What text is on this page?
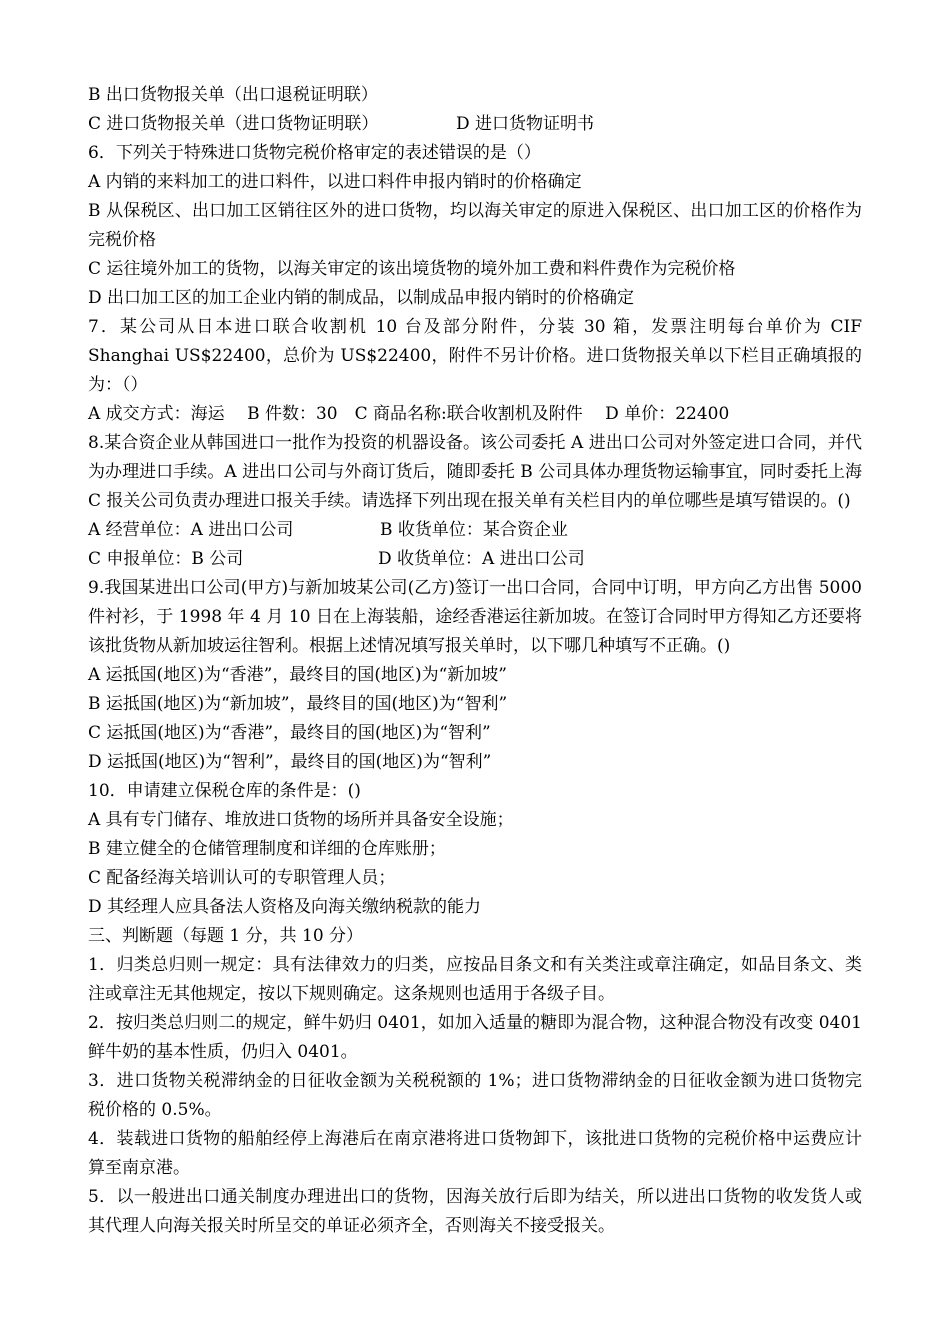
B 出口货物报关单（出口退税证明联）
C 进口货物报关单（进口货物证明联）	D 进口货物证明书
6．下列关于特殊进口货物完税价格审定的表述错误的是（）
A 内销的来料加工的进口料件，以进口料件申报内销时的价格确定
B 从保税区、出口加工区销往区外的进口货物，均以海关审定的原进入保税区、出口加工区的价格作为完税价格
C 运往境外加工的货物，以海关审定的该出境货物的境外加工费和料件费作为完税价格
D 出口加工区的加工企业内销的制成品，以制成品申报内销时的价格确定
7．某公司从日本进口联合收割机 10 台及部分附件，分装 30 箱，发票注明每台单价为 CIF Shanghai US$22400，总价为 US$22400，附件不另计价格。进口货物报关单以下栏目正确填报的为：（）
A 成交方式：海运　 B 件数：30　C 商品名称:联合收割机及附件　 D 单价：22400
8.某合资企业从韩国进口一批作为投资的机器设备。该公司委托 A 进出口公司对外签定进口合同，并代为办理进口手续。A 进出口公司与外商订货后，随即委托 B 公司具体办理货物运输事宜，同时委托上海 C 报关公司负责办理进口报关手续。请选择下列出现在报关单有关栏目内的单位哪些是填写错误的。()
A 经营单位：A 进出口公司	B 收货单位：某合资企业
C 申报单位：B 公司	D 收货单位：A 进出口公司
9.我国某进出口公司(甲方)与新加坡某公司(乙方)签订一出口合同，合同中订明，甲方向乙方出售 5000 件衬衫，于 1998 年 4 月 10 日在上海装船，途经香港运往新加坡。在签订合同时甲方得知乙方还要将该批货物从新加坡运往智利。根据上述情况填写报关单时，以下哪几种填写不正确。()
A 运抵国(地区)为“香港”，最终目的国(地区)为“新加坡”
B 运抵国(地区)为“新加坡”，最终目的国(地区)为“智利”
C 运抵国(地区)为“香港”，最终目的国(地区)为“智利”
D 运抵国(地区)为“智利”，最终目的国(地区)为“智利”
10．申请建立保税仓库的条件是：()
A 具有专门储存、堆放进口货物的场所并具备安全设施；
B 建立健全的仓储管理制度和详细的仓库账册；
C 配备经海关培训认可的专职管理人员；
D 其经理人应具备法人资格及向海关缴纳税款的能力
三、判断题（每题 1 分，共 10 分）
1．归类总归则一规定：具有法律效力的归类，应按品目条文和有关类注或章注确定，如品目条文、类注或章注无其他规定，按以下规则确定。这条规则也适用于各级子目。
2．按归类总归则二的规定，鲜牛奶归 0401，如加入适量的糖即为混合物，这种混合物没有改变 0401 鲜牛奶的基本性质，仍归入 0401。
3．进口货物关税滞纳金的日征收金额为关税税额的 1%；进口货物滞纳金的日征收金额为进口货物完税价格的 0.5%。
4．装载进口货物的船舶经停上海港后在南京港将进口货物卸下，该批进口货物的完税价格中运费应计算至南京港。
5．以一般进出口通关制度办理进出口的货物，因海关放行后即为结关，所以进出口货物的收发货人或其代理人向海关报关时所呈交的单证必须齐全，否则海关不接受报关。
